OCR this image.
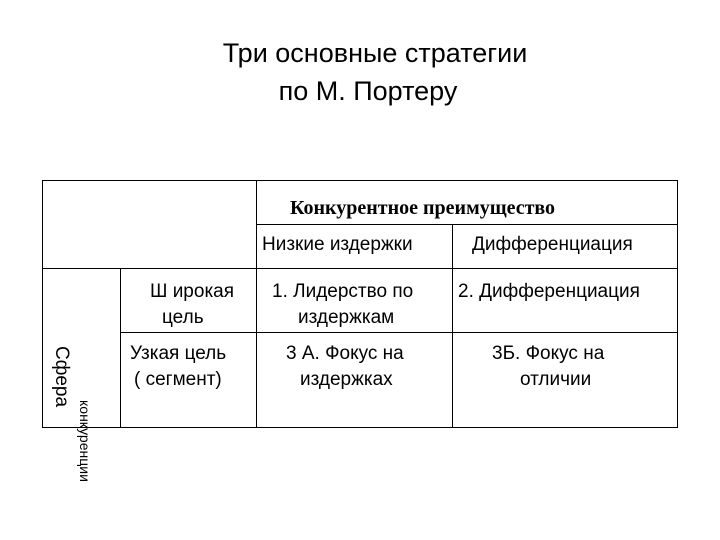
Три основные стратегии
по М. Портеру
Конкурентное преимущество
Низкие издержки	Дифференциация
Сфера
конкуренции
Ш ирокая
цель
Узкая цель
( сегмент)
1. Лидерство по
издержкам
2. Дифференциация
3 А. Фокус на
издержках
3Б. Фокус на
отличии
